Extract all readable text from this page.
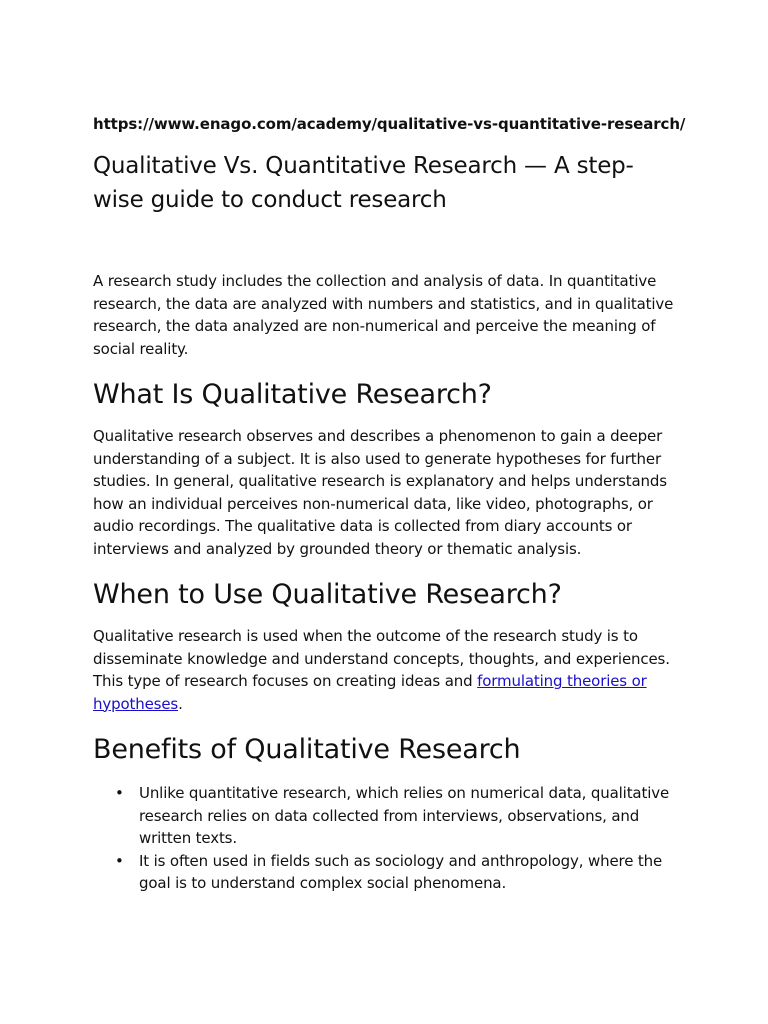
https://www.enago.com/academy/qualitative-vs-quantitative-research/

Qualitative Vs. Quantitative Research — A step-wise guide to conduct research

A research study includes the collection and analysis of data. In quantitative research, the data are analyzed with numbers and statistics, and in qualitative research, the data analyzed are non-numerical and perceive the meaning of social reality.

What Is Qualitative Research?

Qualitative research observes and describes a phenomenon to gain a deeper understanding of a subject. It is also used to generate hypotheses for further studies. In general, qualitative research is explanatory and helps understands how an individual perceives non-numerical data, like video, photographs, or audio recordings. The qualitative data is collected from diary accounts or interviews and analyzed by grounded theory or thematic analysis.

When to Use Qualitative Research?

Qualitative research is used when the outcome of the research study is to disseminate knowledge and understand concepts, thoughts, and experiences. This type of research focuses on creating ideas and formulating theories or hypotheses.

Benefits of Qualitative Research
• Unlike quantitative research, which relies on numerical data, qualitative research relies on data collected from interviews, observations, and written texts.
• It is often used in fields such as sociology and anthropology, where the goal is to understand complex social phenomena.
